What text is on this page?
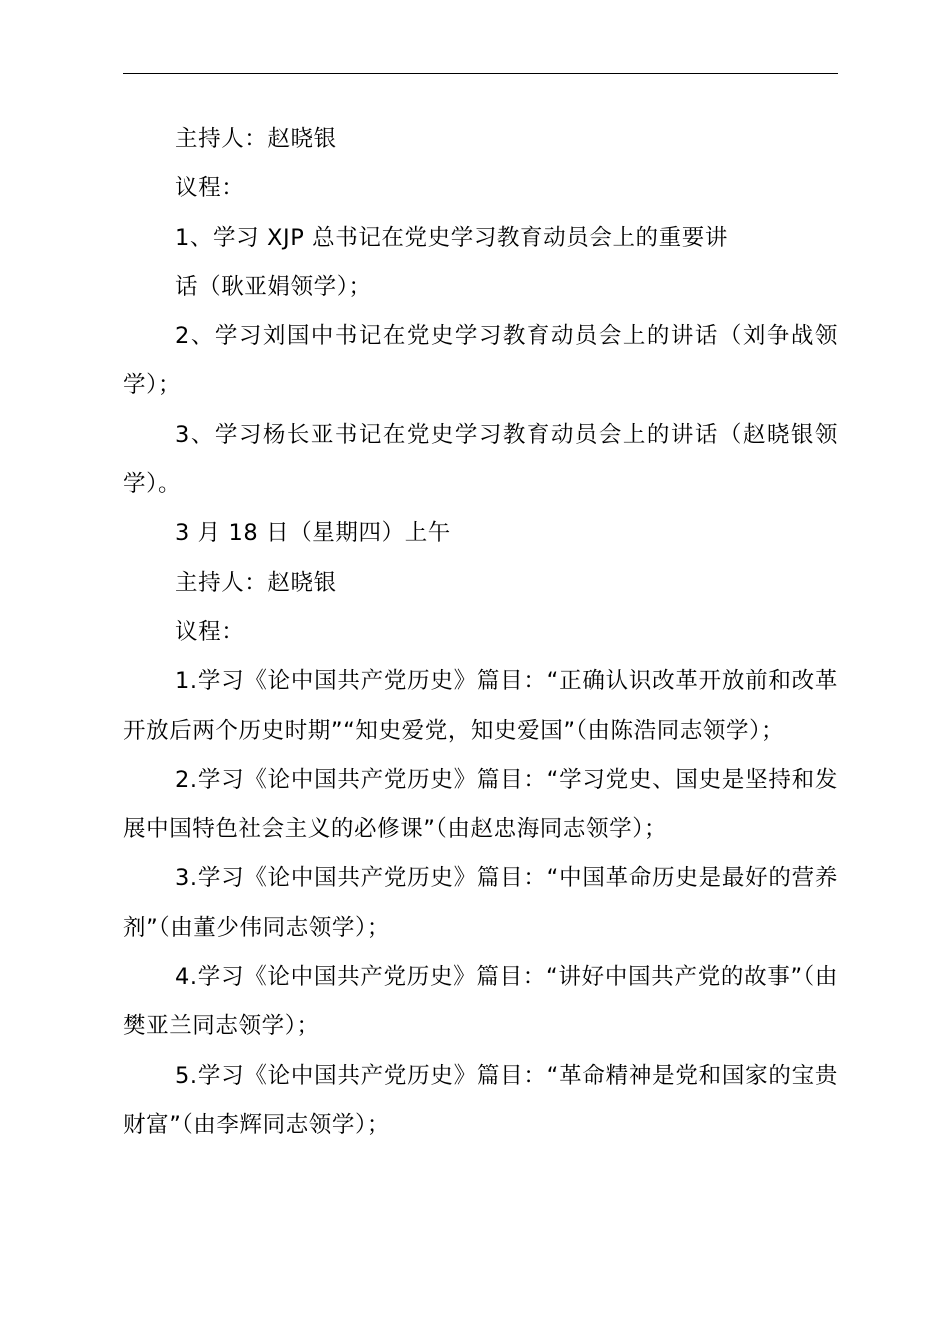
主持人：赵晓银

议程：

1、学习 XJP 总书记在党史学习教育动员会上的重要讲

话（耿亚娟领学）；

2、学习刘国中书记在党史学习教育动员会上的讲话（刘争战领学）；

3、学习杨长亚书记在党史学习教育动员会上的讲话（赵晓银领学）。

3 月 18 日（星期四）上午

主持人：赵晓银

议程：

1.学习《论中国共产党历史》篇目：“正确认识改革开放前和改革开放后两个历史时期”“知史爱党，知史爱国”（由陈浩同志领学）；

2.学习《论中国共产党历史》篇目：“学习党史、国史是坚持和发展中国特色社会主义的必修课”（由赵忠海同志领学）；

3.学习《论中国共产党历史》篇目：“中国革命历史是最好的营养剂”（由董少伟同志领学）；

4.学习《论中国共产党历史》篇目：“讲好中国共产党的故事”（由樊亚兰同志领学）；

5.学习《论中国共产党历史》篇目：“革命精神是党和国家的宝贵财富”（由李辉同志领学）；
